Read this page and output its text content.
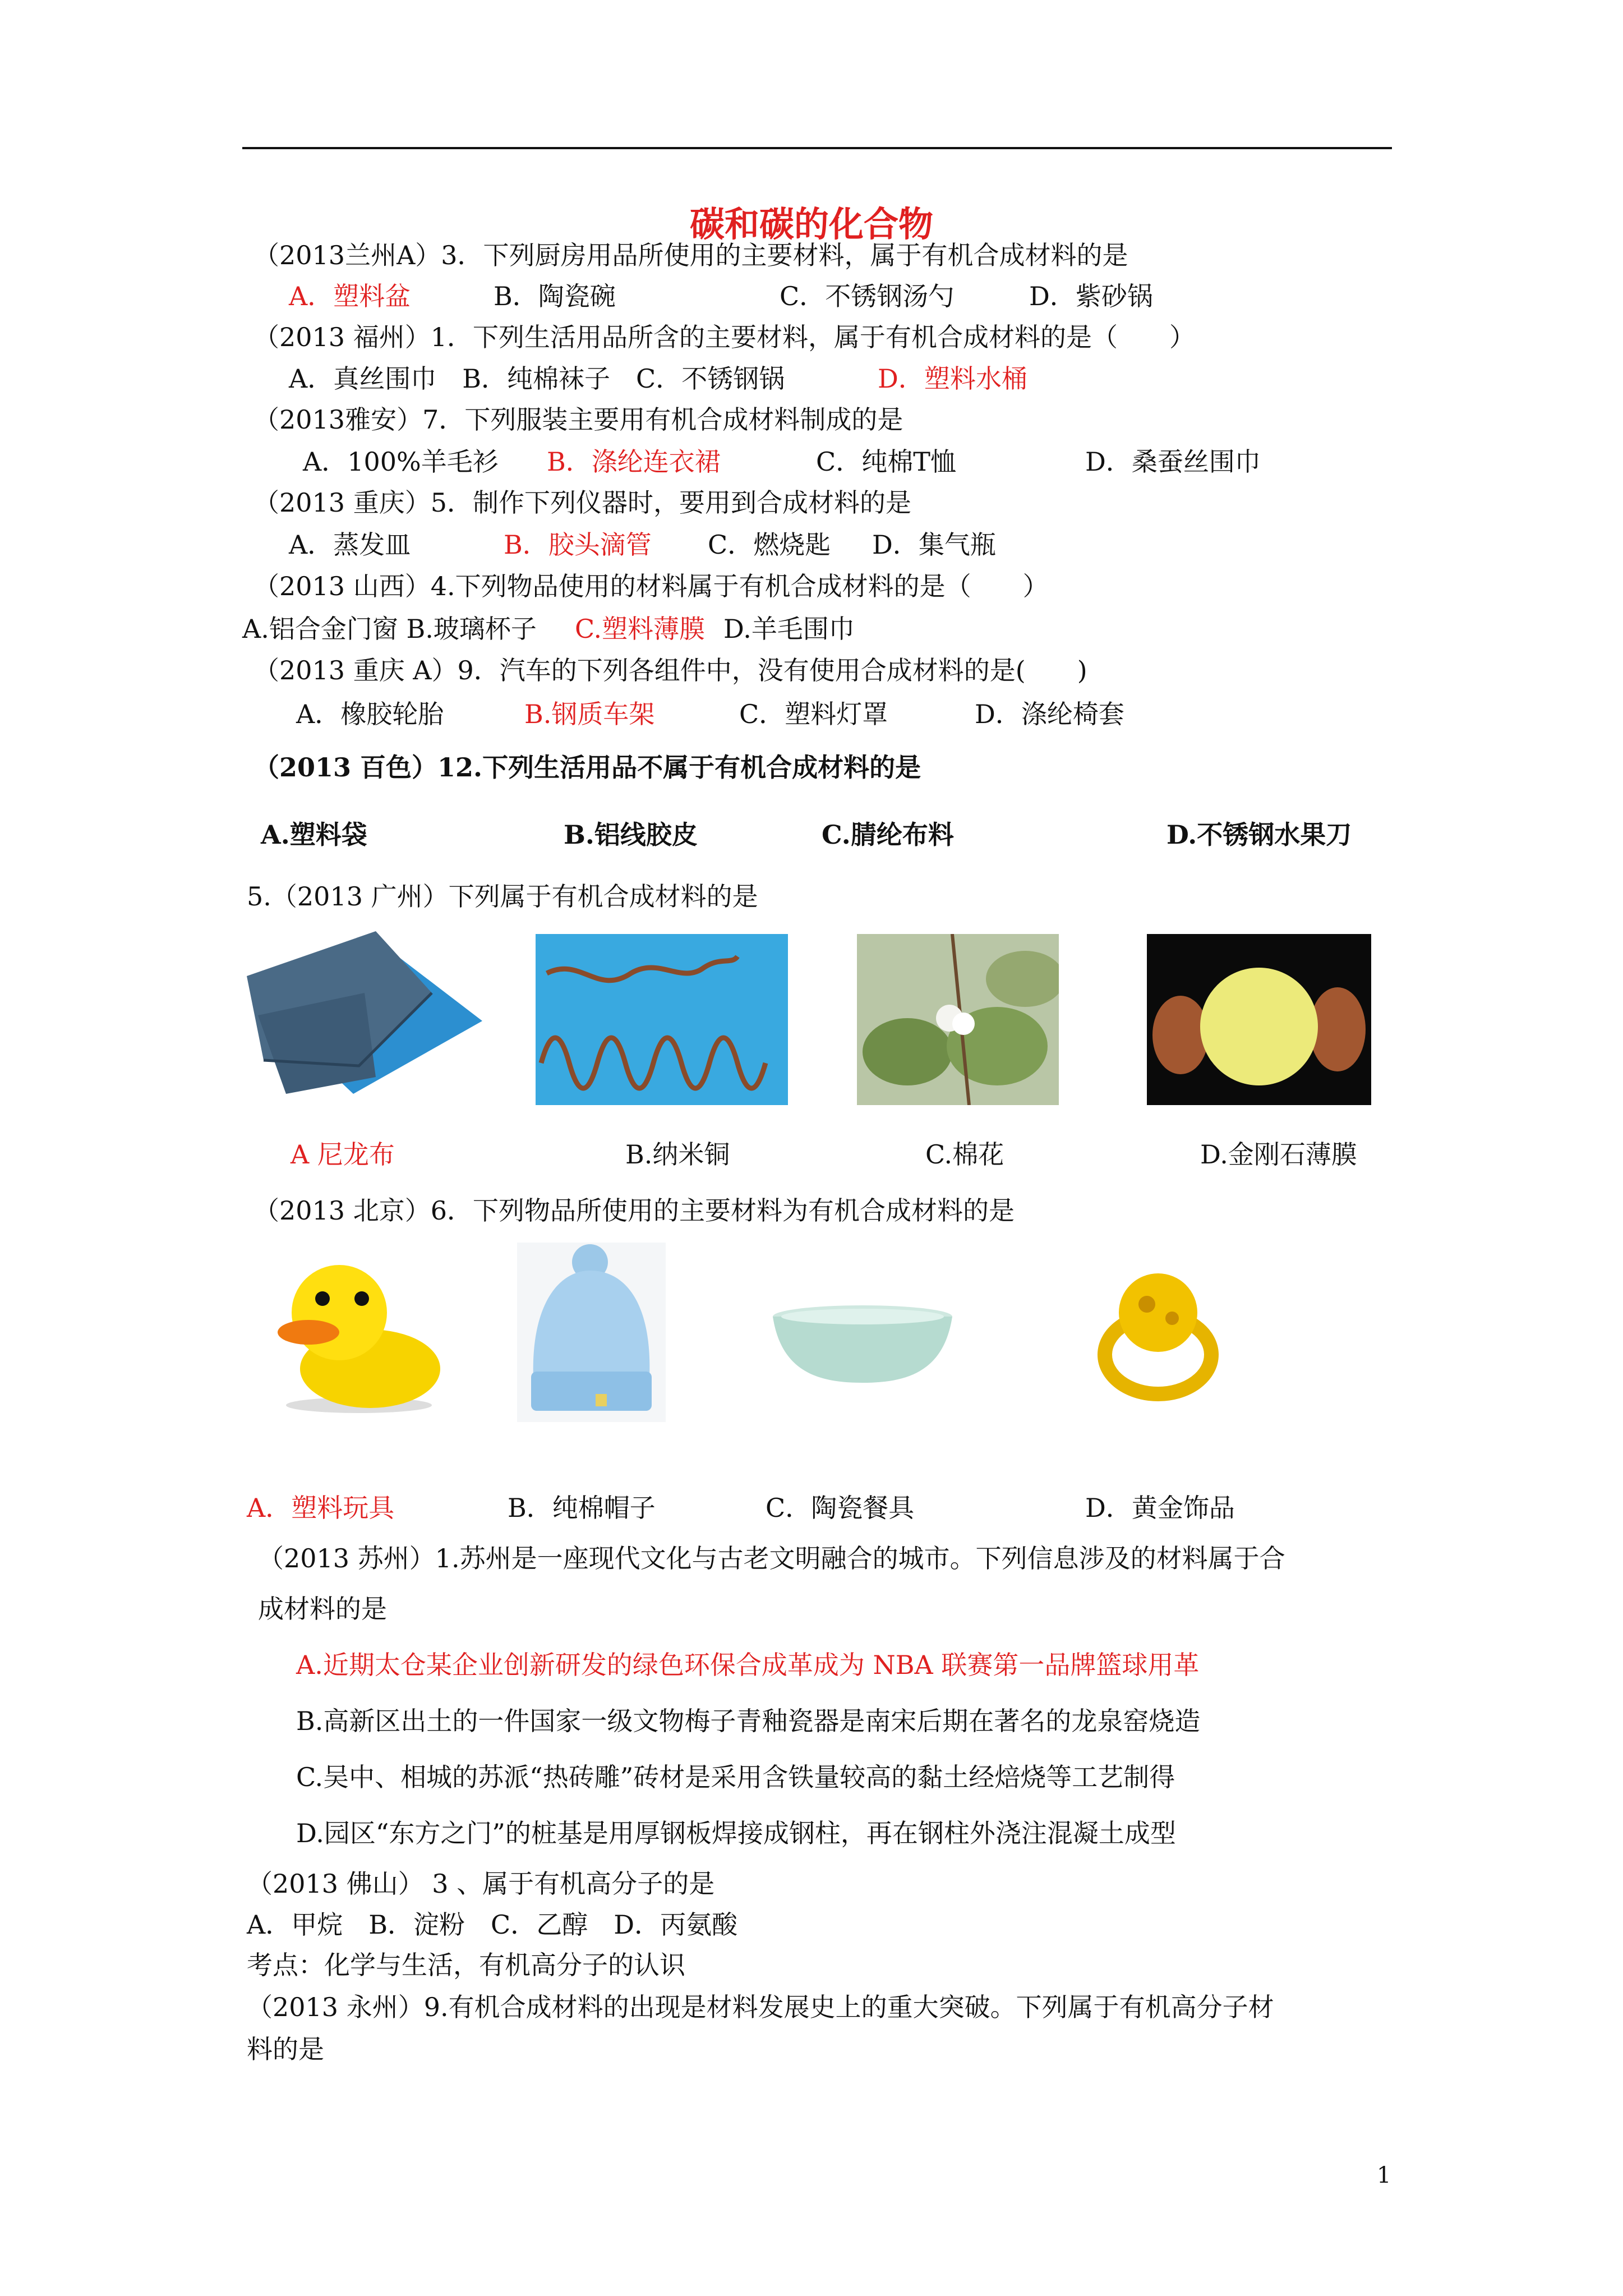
碳和碳的化合物
（2013兰州A）3．下列厨房用品所使用的主要材料，属于有机合成材料的是
A．塑料盆	B．陶瓷碗	C．不锈钢汤勺	D．紫砂锅
（2013 福州）1．下列生活用品所含的主要材料，属于有机合成材料的是（　　）
A．真丝围巾　B．纯棉袜子　C．不锈钢锅	D．塑料水桶
（2013雅安）7．下列服装主要用有机合成材料制成的是
A．100%羊毛衫 B．涤纶连衣裙	C．纯棉T恤	D．桑蚕丝围巾
（2013 重庆）5．制作下列仪器时，要用到合成材料的是
A．蒸发皿	B．胶头滴管 C．燃烧匙 D．集气瓶
（2013 山西）4.下列物品使用的材料属于有机合成材料的是（　　）
A.铝合金门窗 B.玻璃杯子 C.塑料薄膜 D.羊毛围巾
（2013 重庆 A）9．汽车的下列各组件中，没有使用合成材料的是(　　)
A．橡胶轮胎	B.钢质车架	C．塑料灯罩	D．涤纶椅套
（2013 百色）12.下列生活用品不属于有机合成材料的是
A.塑料袋	B.铝线胶皮	C.腈纶布料	D.不锈钢水果刀
5.（2013 广州）下列属于有机合成材料的是
A 尼龙布	B.纳米铜	C.棉花	D.金刚石薄膜
（2013 北京）6．下列物品所使用的主要材料为有机合成材料的是
A．塑料玩具	B．纯棉帽子	C．陶瓷餐具	D．黄金饰品
（2013 苏州）1.苏州是一座现代文化与古老文明融合的城市。下列信息涉及的材料属于合
成材料的是
A.近期太仓某企业创新研发的绿色环保合成革成为 NBA 联赛第一品牌篮球用革
B.高新区出土的一件国家一级文物梅子青釉瓷器是南宋后期在著名的龙泉窑烧造
C.吴中、相城的苏派“热砖雕”砖材是采用含铁量较高的黏土经焙烧等工艺制得
D.园区“东方之门”的桩基是用厚钢板焊接成钢柱，再在钢柱外浇注混凝土成型
（2013 佛山） 3 、属于有机高分子的是
A．甲烷　B．淀粉　C．乙醇　D．丙氨酸
考点：化学与生活，有机高分子的认识
（2013 永州）9.有机合成材料的出现是材料发展史上的重大突破。下列属于有机高分子材
料的是
1
